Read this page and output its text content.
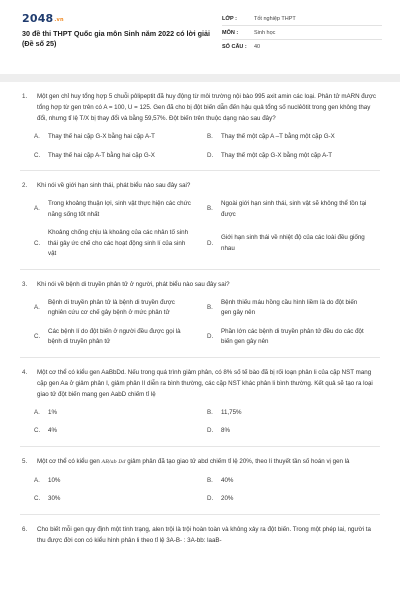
2048.vn
30 đề thi THPT Quốc gia môn Sinh năm 2022 có lời giải (Đề số 25)
LỚP :	Tốt nghiệp THPT
MÔN :	Sinh học
SỐ CÂU :	40
1.	Một gen chỉ huy tổng hợp 5 chuỗi pôlipeptit đã huy động từ môi trường nội bào 995 axit amin các loại. Phân tử mARN được tổng hợp từ gen trên có A = 100, U = 125. Gen đã cho bị đột biến dẫn đến hậu quả tổng số nuclêôtit trong gen không thay đổi, nhưng tỉ lệ T/X bị thay đổi và bằng 59,57%. Đột biến trên thuộc dạng nào sau đây?
A.	Thay thế hai cặp G-X bằng hai cặp A-T	B.	Thay thế một cặp A –T bằng một cặp G-X
C.	Thay thế hai cặp A-T bằng hai cặp G-X	D.	Thay thế một cặp G-X bằng một cặp A-T
2.	Khi nói về giới hạn sinh thái, phát biểu nào sau đây sai?
A.
Trong khoảng thuận lợi, sinh vật thực hiện các chức năng sống tốt nhất
B.
Ngoài giới hạn sinh thái, sinh vật sẽ không thể tồn tại được
C.
Khoảng chống chịu là khoảng của các nhân tố sinh thái gây ức chế cho các hoạt động sinh lí của sinh vật
D.
Giới hạn sinh thái về nhiệt độ của các loài đều giống nhau
3.	Khi nói về bệnh di truyền phân tử ở người, phát biểu nào sau đây sai?
A.
Bệnh di truyền phân tử là bệnh di truyền được nghiên cứu cơ chế gây bệnh ở mức phân tử
B.
Bệnh thiếu máu hồng cầu hình liềm là do đột biến gen gây nên
C.
Các bệnh lí do đột biến ở người đều được gọi là bệnh di truyền phân tử
D.
Phần lớn các bệnh di truyền phân tử đều do các đột biến gen gây nên
4.	Một cơ thể có kiểu gen AaBbDd. Nếu trong quá trình giảm phân, có 8% số tế bào đã bị rối loạn phân li của cặp NST mang cặp gen Aa ở giảm phân I, giảm phân II diễn ra bình thường, các cặp NST khác phân li bình thường. Kết quả sẽ tạo ra loại giao tử đột biến mang gen AabD chiếm tỉ lệ
A.	1%	B.	11,75%
C.	4%	D.	8%
5.	Một cơ thể có kiểu gen AB/ab Dd giảm phân đã tạo giao tử abd chiếm tỉ lệ 20%, theo lí thuyết tần số hoán vị gen là
A.	10%	B.	40%
C.	30%	D.	20%
6.	Cho biết mỗi gen quy định một tính trạng, alen trội là trội hoàn toàn và không xảy ra đột biến. Trong một phép lai, người ta thu được đời con có kiểu hình phân li theo tỉ lệ 3A-B- : 3A-bb: laaB-
